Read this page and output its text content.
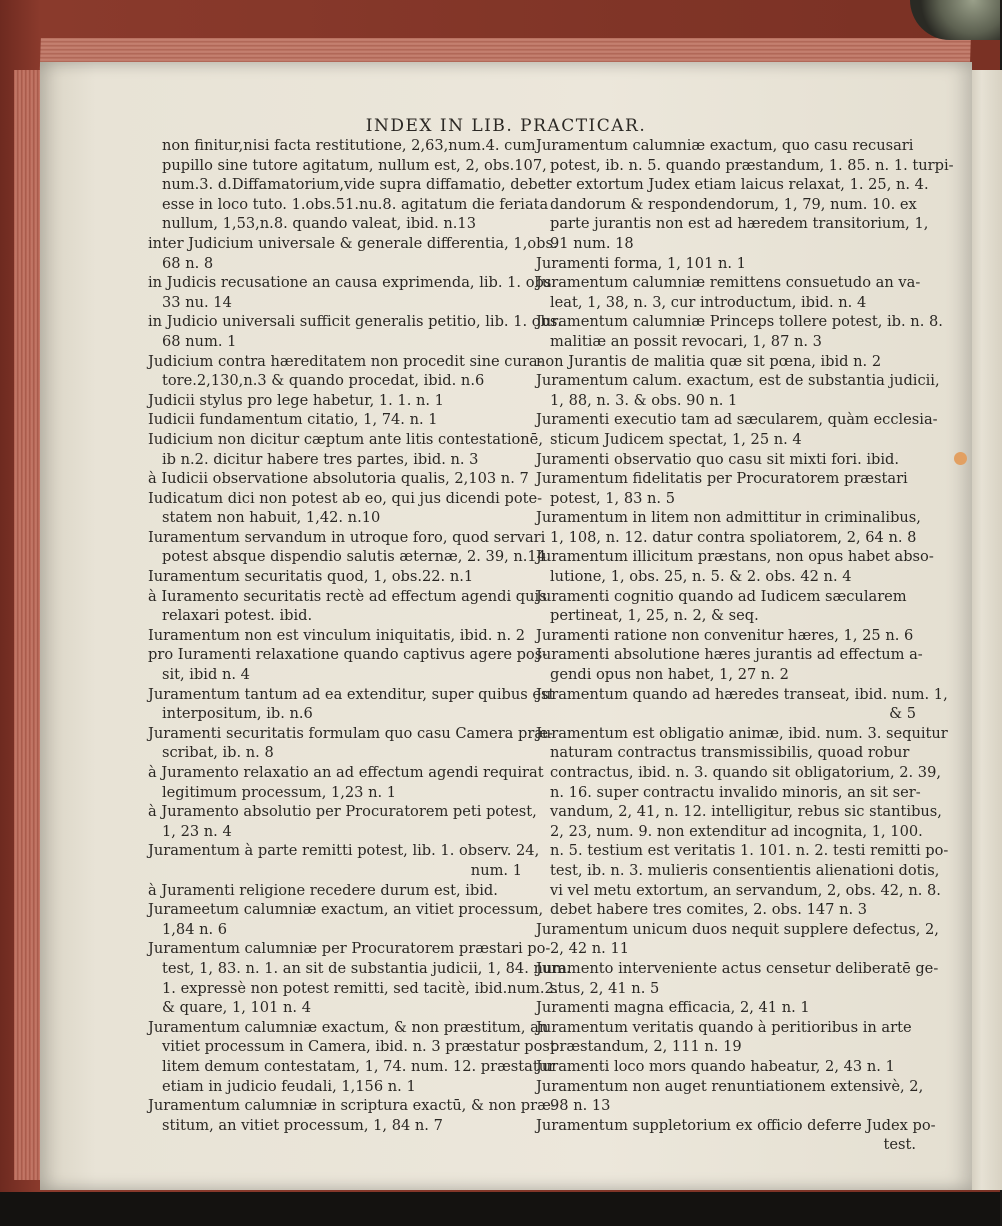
INDEX IN LIB. PRACTICAR.
non finitur,nisi facta restitutione, 2,63,num.4. cum
pupillo sine tutore agitatum, nullum est, 2, obs.107,
num.3. d.Diffamatorium,vide supra diffamatio, debet
esse in loco tuto. 1.obs.51.nu.8. agitatum die feriata
nullum, 1,53,n.8. quando valeat, ibid. n.13
inter Judicium universale & generale differentia, 1,obs.
68 n. 8
in Judicis recusatione an causa exprimenda, lib. 1. obs.
33 nu. 14
in Judicio universali sufficit generalis petitio, lib. 1. obs.
68 num. 1
Judicium contra hæreditatem non procedit sine cura-
tore.2,130,n.3 & quando procedat, ibid. n.6
Judicii stylus pro lege habetur, 1. 1. n. 1
Iudicii fundamentum citatio, 1, 74. n. 1
Iudicium non dicitur cæptum ante litis contestationē,
ib n.2. dicitur habere tres partes, ibid. n. 3
à Iudicii observatione absolutoria qualis, 2,103 n. 7
Iudicatum dici non potest ab eo, qui jus dicendi pote-
statem non habuit, 1,42. n.10
Iuramentum servandum in utroque foro, quod servari
potest absque dispendio salutis æternæ, 2. 39, n.14
Iuramentum securitatis quod, 1, obs.22. n.1
à Iuramento securitatis rectè ad effectum agendi quis
relaxari potest. ibid.
Iuramentum non est vinculum iniquitatis, ibid. n. 2
pro Iuramenti relaxatione quando captivus agere pos-
sit, ibid n. 4
Juramentum tantum ad ea extenditur, super quibus est
interpositum, ib. n.6
Juramenti securitatis formulam quo casu Camera præ-
scribat, ib. n. 8
à Juramento relaxatio an ad effectum agendi requirat
legitimum processum, 1,23 n. 1
à Juramento absolutio per Procuratorem peti potest,
1, 23 n. 4
Juramentum à parte remitti potest, lib. 1. observ. 24,
num. 1
à Juramenti religione recedere durum est, ibid.
Jurameetum calumniæ exactum, an vitiet processum,
1,84 n. 6
Juramentum calumniæ per Procuratorem præstari po-
test, 1, 83. n. 1. an sit de substantia judicii, 1, 84. num.
1. expressè non potest remitti, sed tacitè, ibid.num.2.
& quare, 1, 101 n. 4
Juramentum calumniæ exactum, & non præstitum, an
vitiet processum in Camera, ibid. n. 3 præstatur post
litem demum contestatam, 1, 74. num. 12. præstatur
etiam in judicio feudali, 1,156 n. 1
Juramentum calumniæ in scriptura exactū, & non præ-
stitum, an vitiet processum, 1, 84 n. 7
Juramentum calumniæ exactum, quo casu recusari
potest, ib. n. 5. quando præstandum, 1. 85. n. 1. turpi-
ter extortum Judex etiam laicus relaxat, 1. 25, n. 4.
dandorum & respondendorum, 1, 79, num. 10. ex
parte jurantis non est ad hæredem transitorium, 1,
91 num. 18
Juramenti forma, 1, 101 n. 1
Juramentum calumniæ remittens consuetudo an va-
leat, 1, 38, n. 3, cur introductum, ibid. n. 4
Juramentum calumniæ Princeps tollere potest, ib. n. 8.
malitiæ an possit revocari, 1, 87 n. 3
non Jurantis de malitia quæ sit pœna, ibid n. 2
Juramentum calum. exactum, est de substantia judicii,
1, 88, n. 3. & obs. 90 n. 1
Juramenti executio tam ad sæcularem, quàm ecclesia-
sticum Judicem spectat, 1, 25 n. 4
Juramenti observatio quo casu sit mixti fori. ibid.
Juramentum fidelitatis per Procuratorem præstari
potest, 1, 83 n. 5
Juramentum in litem non admittitur in criminalibus,
1, 108, n. 12. datur contra spoliatorem, 2, 64 n. 8
Juramentum illicitum præstans, non opus habet abso-
lutione, 1, obs. 25, n. 5. & 2. obs. 42 n. 4
Juramenti cognitio quando ad Iudicem sæcularem
pertineat, 1, 25, n. 2, & seq.
Juramenti ratione non convenitur hæres, 1, 25 n. 6
Juramenti absolutione hæres jurantis ad effectum a-
gendi opus non habet, 1, 27 n. 2
Juramentum quando ad hæredes transeat, ibid. num. 1,
& 5
Juramentum est obligatio animæ, ibid. num. 3. sequitur
naturam contractus transmissibilis, quoad robur
contractus, ibid. n. 3. quando sit obligatorium, 2. 39,
n. 16. super contractu invalido minoris, an sit ser-
vandum, 2, 41, n. 12. intelligitur, rebus sic stantibus,
2, 23, num. 9. non extenditur ad incognita, 1, 100.
n. 5. testium est veritatis 1. 101. n. 2. testi remitti po-
test, ib. n. 3. mulieris consentientis alienationi dotis,
vi vel metu extortum, an servandum, 2, obs. 42, n. 8.
debet habere tres comites, 2. obs. 147 n. 3
Juramentum unicum duos nequit supplere defectus, 2,
2, 42 n. 11
Juramento interveniente actus censetur deliberatē ge-
stus, 2, 41 n. 5
Juramenti magna efficacia, 2, 41 n. 1
Juramentum veritatis quando à peritioribus in arte
præstandum, 2, 111 n. 19
Juramenti loco mors quando habeatur, 2, 43 n. 1
Juramentum non auget renuntiationem extensivè, 2,
98 n. 13
Juramentum suppletorium ex officio deferre Judex po-
test.
